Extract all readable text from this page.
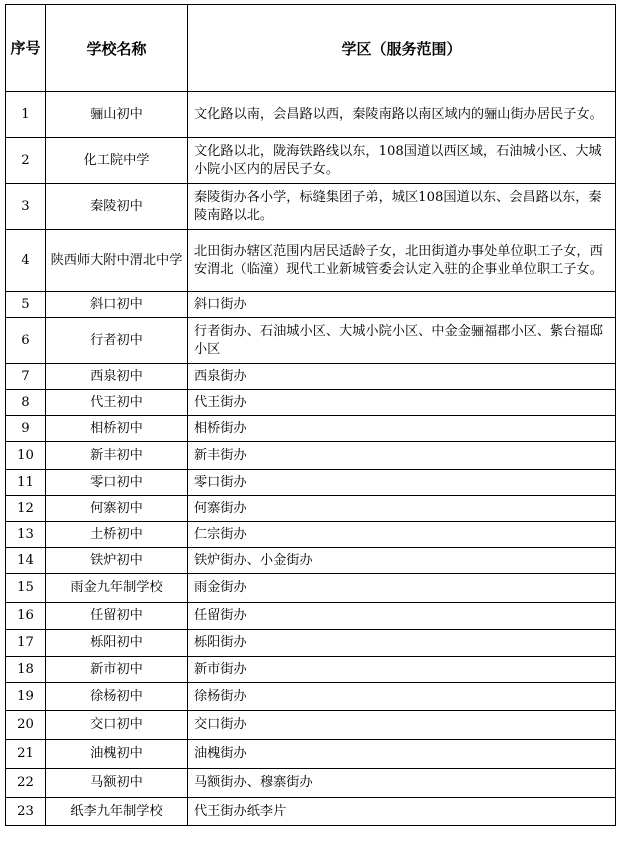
序号	学校名称	学区（服务范围）
1	骊山初中	文化路以南，会昌路以西，秦陵南路以南区域内的骊山街办居民子女。
2	化工院中学	文化路以北，陇海铁路线以东，108国道以西区域，石油城小区、大城小院小区内的居民子女。
3	秦陵初中	秦陵街办各小学，标缝集团子弟，城区108国道以东、会昌路以东，秦陵南路以北。
4	陕西师大附中渭北中学	北田街办辖区范围内居民适龄子女，北田街道办事处单位职工子女，西安渭北（临潼）现代工业新城管委会认定入驻的企事业单位职工子女。
5	斜口初中	斜口街办
6	行者初中	行者街办、石油城小区、大城小院小区、中金金骊福郡小区、紫台福邸小区
7	西泉初中	西泉街办
8	代王初中	代王街办
9	相桥初中	相桥街办
10	新丰初中	新丰街办
11	零口初中	零口街办
12	何寨初中	何寨街办
13	土桥初中	仁宗街办
14	铁炉初中	铁炉街办、小金街办
15	雨金九年制学校	雨金街办
16	任留初中	任留街办
17	栎阳初中	栎阳街办
18	新市初中	新市街办
19	徐杨初中	徐杨街办
20	交口初中	交口街办
21	油槐初中	油槐街办
22	马额初中	马额街办、穆寨街办
23	纸李九年制学校	代王街办纸李片
